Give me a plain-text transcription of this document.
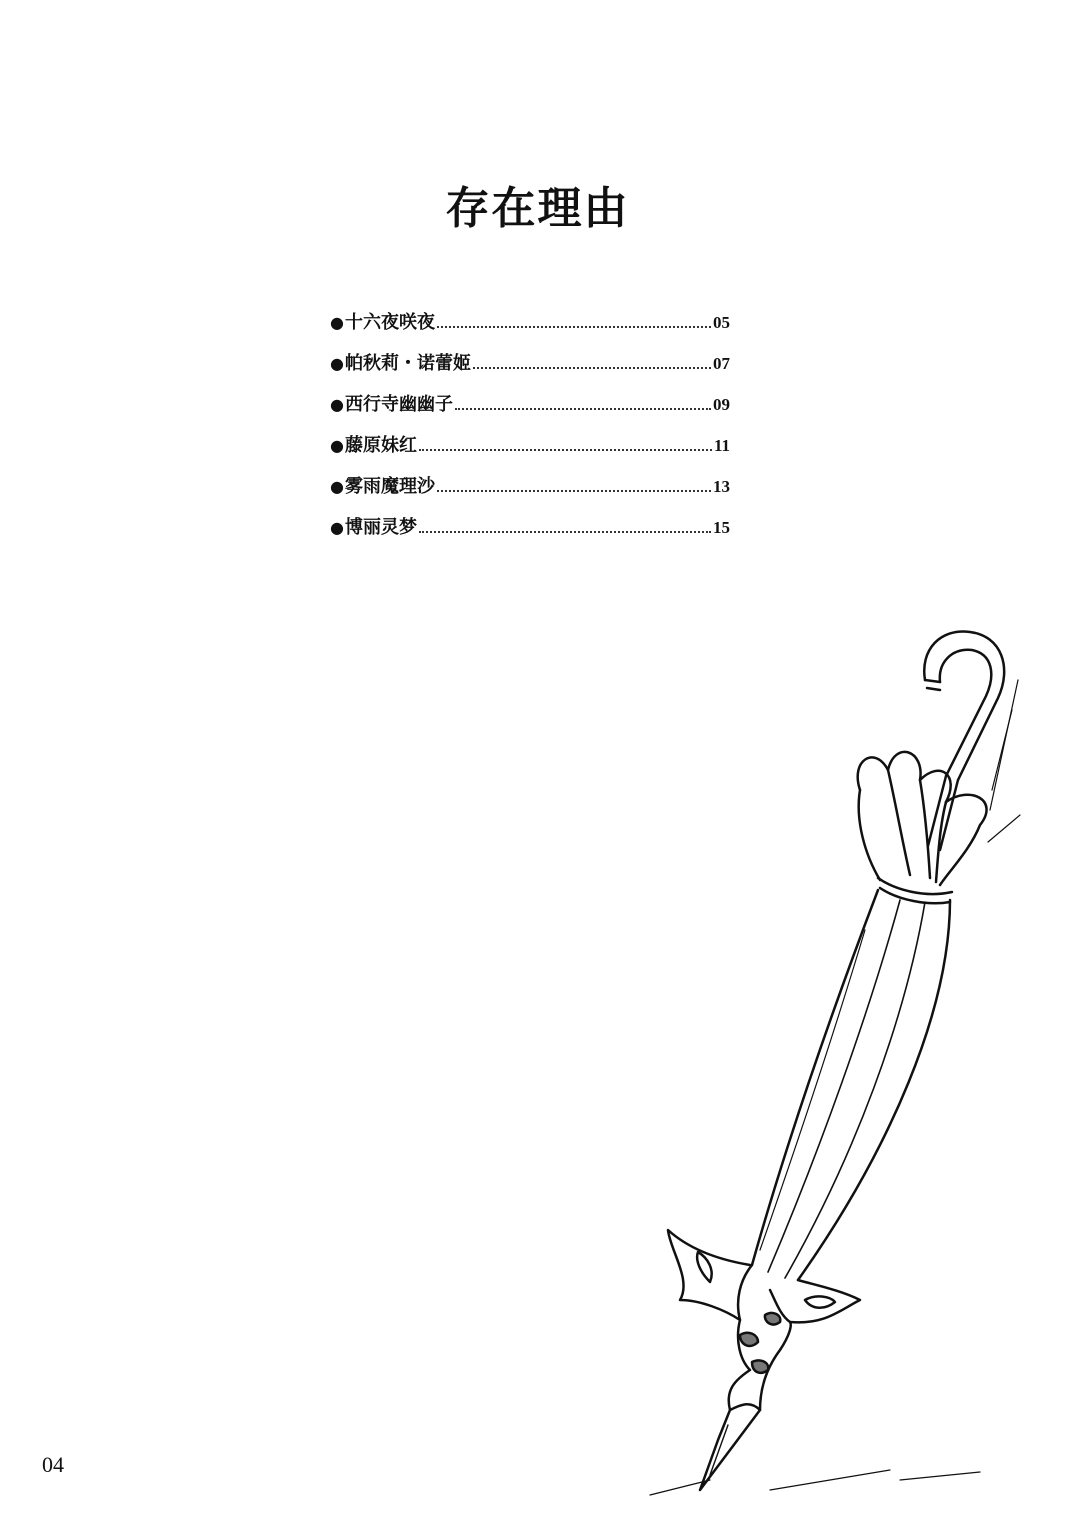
存在理由
● 十六夜咲夜	05
● 帕秋莉・诺蕾姬	07
● 西行寺幽幽子	09
● 藤原妹红	11
● 雾雨魔理沙	13
● 博丽灵梦	15
04
